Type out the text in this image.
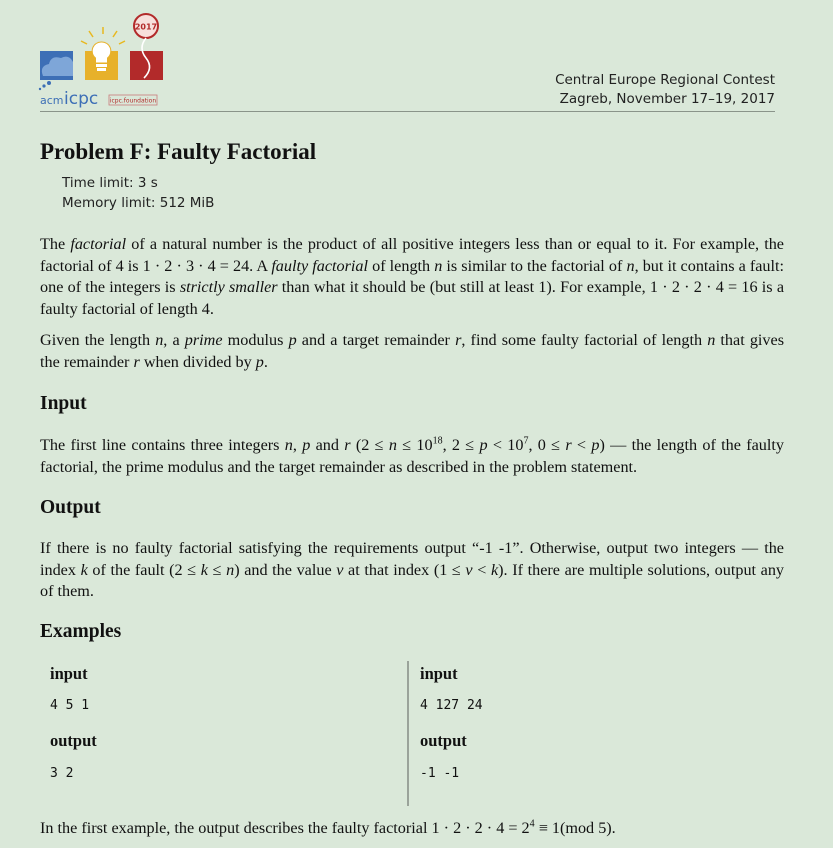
2017
acm icpc icpc.foundation
Central Europe Regional Contest
Zagreb, November 17–19, 2017
Problem F: Faulty Factorial
Time limit: 3 s
Memory limit: 512 MiB

The factorial of a natural number is the product of all positive integers less than or equal to it. For example, the factorial of 4 is 1 · 2 · 3 · 4 = 24. A faulty factorial of length n is similar to the factorial of n, but it contains a fault: one of the integers is strictly smaller than what it should be (but still at least 1). For example, 1 · 2 · 2 · 4 = 16 is a faulty factorial of length 4.

Given the length n, a prime modulus p and a target remainder r, find some faulty factorial of length n that gives the remainder r when divided by p.

Input

The first line contains three integers n, p and r ($2 \le n \le 10^{18}$, $2 \le p < 10^7$, 0 ≤ r < p) — the length of the faulty factorial, the prime modulus and the target remainder as described in the problem statement.

Output

If there is no faulty factorial satisfying the requirements output “-1 -1”. Otherwise, output two integers — the index k of the fault (2 ≤ k ≤ n) and the value v at that index (1 ≤ v < k). If there are multiple solutions, output any of them.

Examples
input
4 5 1
output
3 2
input
4 127 24
output
-1 -1

In the first example, the output describes the faulty factorial $1 \cdot 2 \cdot 2 \cdot 4 = 2^4 \equiv 1(mod$ 5).
